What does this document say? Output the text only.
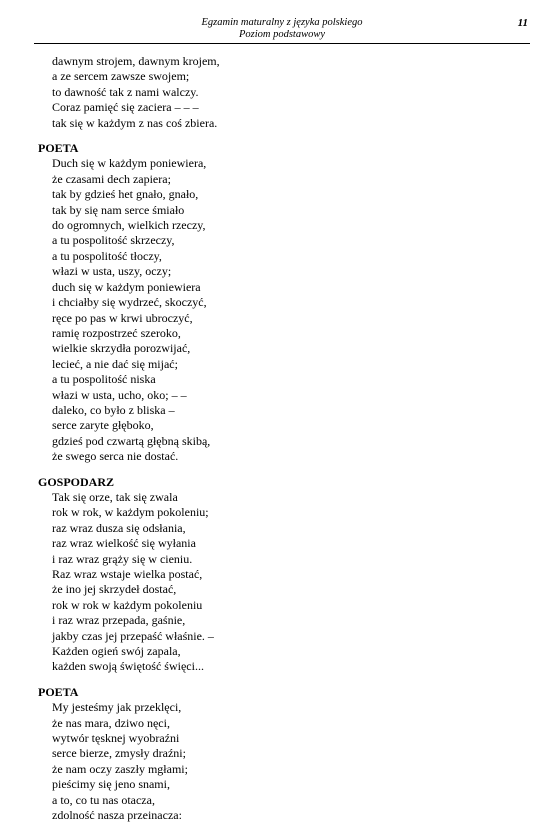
Egzamin maturalny z języka polskiego
Poziom podstawowy
11
dawnym strojem, dawnym krojem,
a ze sercem zawsze swojem;
to dawność tak z nami walczy.
Coraz pamięć się zaciera – – –
tak się w każdym z nas coś zbiera.
POETA
Duch się w każdym poniewiera,
że czasami dech zapiera;
tak by gdzieś het gnało, gnało,
tak by się nam serce śmiało
do ogromnych, wielkich rzeczy,
a tu pospolitość skrzeczy,
a tu pospolitość tłoczy,
włazi w usta, uszy, oczy;
duch się w każdym poniewiera
i chciałby się wydrzeć, skoczyć,
ręce po pas w krwi ubroczyć,
ramię rozpostrzeć szeroko,
wielkie skrzydła porozwijać,
lecieć, a nie dać się mijać;
a tu pospolitość niska
włazi w usta, ucho, oko; – –
daleko, co było z bliska –
serce zaryte głęboko,
gdzieś pod czwartą głębną skibą,
że swego serca nie dostać.
GOSPODARZ
Tak się orze, tak się zwala
rok w rok, w każdym pokoleniu;
raz wraz dusza się odsłania,
raz wraz wielkość się wyłania
i raz wraz grąży się w cieniu.
Raz wraz wstaje wielka postać,
że ino jej skrzydeł dostać,
rok w rok w każdym pokoleniu
i raz wraz przepada, gaśnie,
jakby czas jej przepaść właśnie. –
Każden ogień swój zapala,
każden swoją świętość święci...
POETA
My jesteśmy jak przeklęci,
że nas mara, dziwo nęci,
wytwór tęsknej wyobraźni
serce bierze, zmysły draźni;
że nam oczy zaszły mgłami;
pieścimy się jeno snami,
a to, co tu nas otacza,
zdolność nasza przeinacza:
